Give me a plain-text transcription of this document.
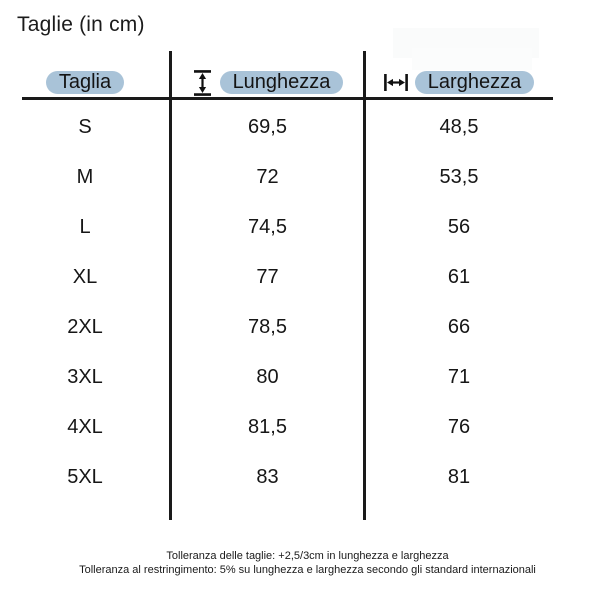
Taglie (in cm)
Taglia	Lunghezza	Larghezza
S	69,5	48,5
M	72	53,5
L	74,5	56
XL	77	61
2XL	78,5	66
3XL	80	71
4XL	81,5	76
5XL	83	81
Tolleranza delle taglie: +2,5/3cm in lunghezza e larghezza
Tolleranza al restringimento: 5% su lunghezza e larghezza secondo gli standard internazionali
